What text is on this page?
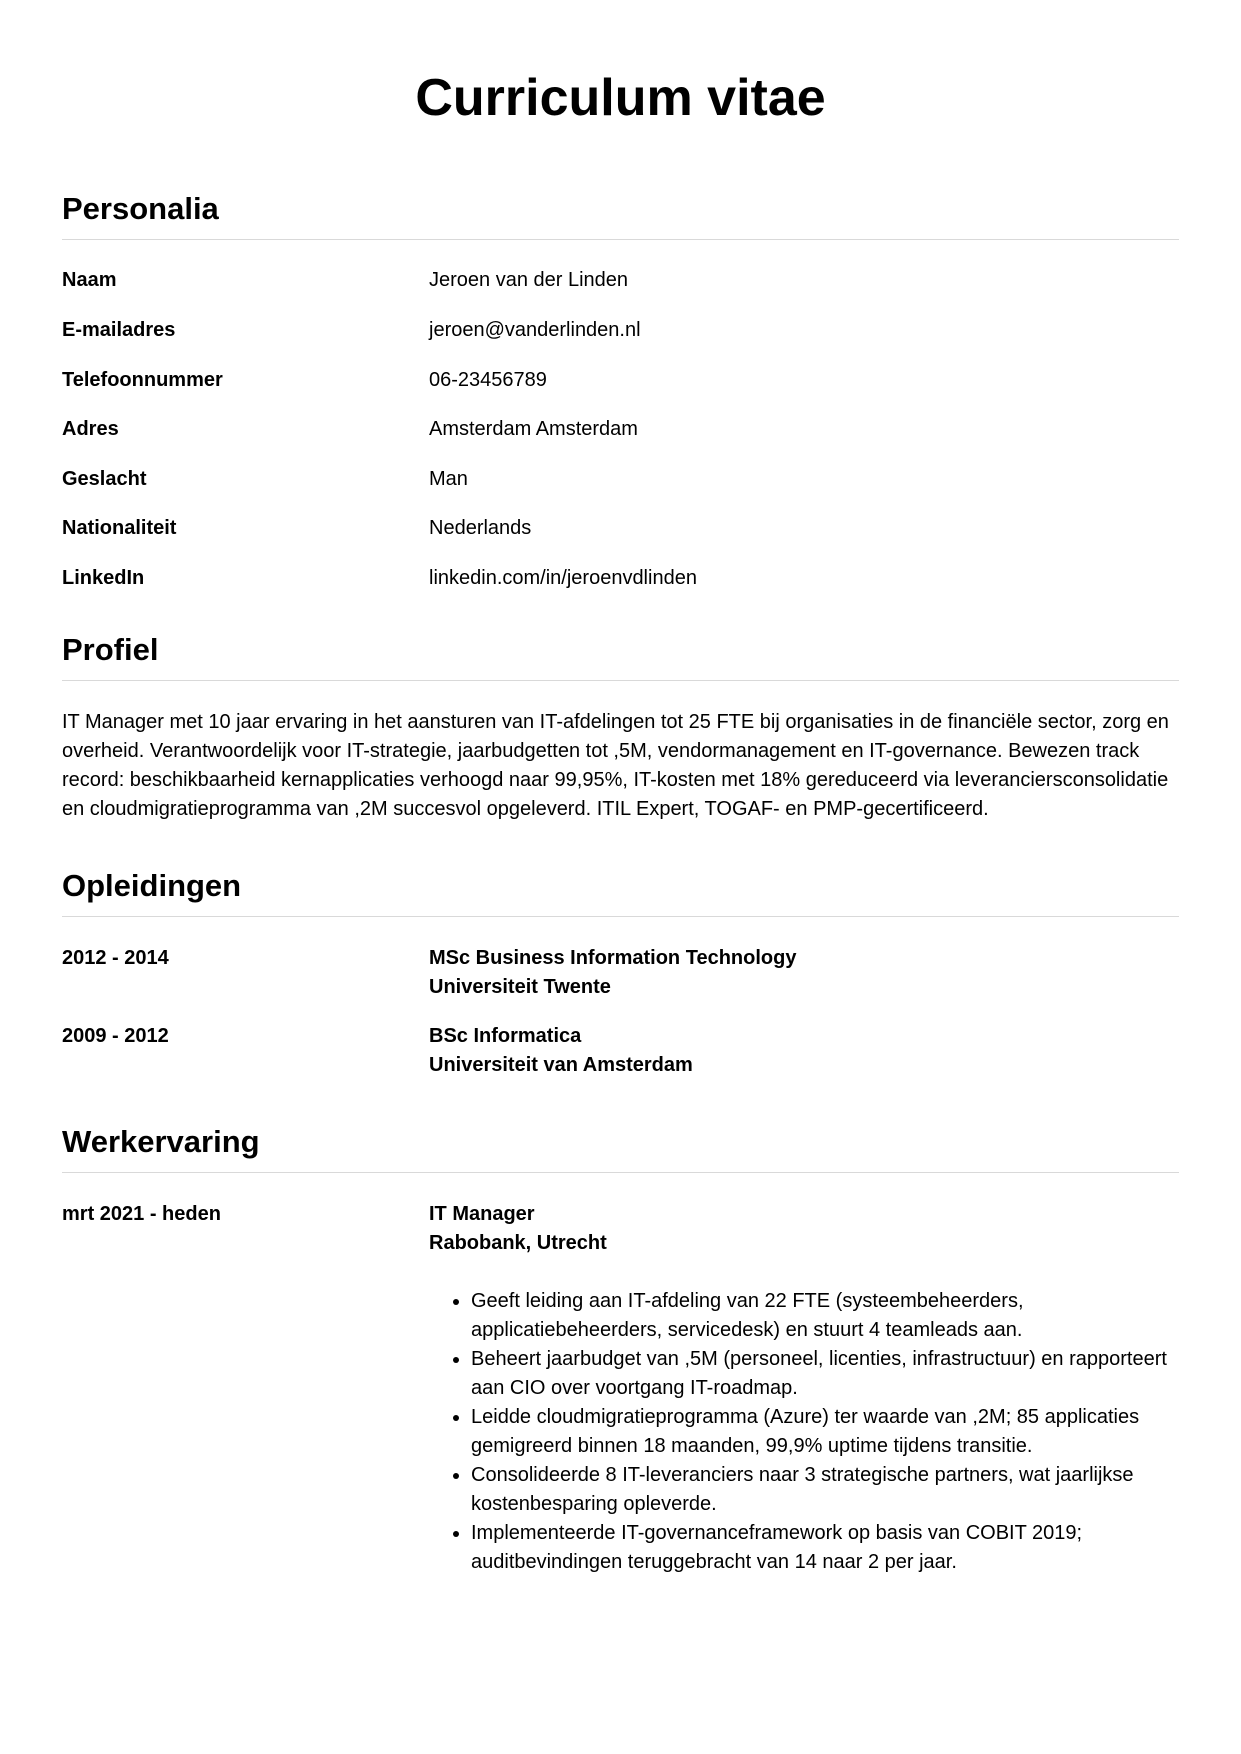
Curriculum vitae
Personalia
Naam	Jeroen van der Linden
E-mailadres	jeroen@vanderlinden.nl
Telefoonnummer	06-23456789
Adres	Amsterdam Amsterdam
Geslacht	Man
Nationaliteit	Nederlands
LinkedIn	linkedin.com/in/jeroenvdlinden
Profiel

IT Manager met 10 jaar ervaring in het aansturen van IT-afdelingen tot 25 FTE bij organisaties in de financiële sector, zorg en overheid. Verantwoordelijk voor IT-strategie, jaarbudgetten tot ,5M, vendormanagement en IT-governance. Bewezen track record: beschikbaarheid kernapplicaties verhoogd naar 99,95%, IT-kosten met 18% gereduceerd via leveranciersconsolidatie en cloudmigratieprogramma van ,2M succesvol opgeleverd. ITIL Expert, TOGAF- en PMP-gecertificeerd.

Opleidingen
2012 - 2014	MSc Business Information Technology
Universiteit Twente
2009 - 2012	BSc Informatica
Universiteit van Amsterdam
Werkervaring
mrt 2021 - heden	IT Manager
Rabobank, Utrecht
• Geeft leiding aan IT-afdeling van 22 FTE (systeembeheerders, applicatiebeheerders, servicedesk) en stuurt 4 teamleads aan.
• Beheert jaarbudget van ,5M (personeel, licenties, infrastructuur) en rapporteert aan CIO over voortgang IT-roadmap.
• Leidde cloudmigratieprogramma (Azure) ter waarde van ,2M; 85 applicaties gemigreerd binnen 18 maanden, 99,9% uptime tijdens transitie.
• Consolideerde 8 IT-leveranciers naar 3 strategische partners, wat jaarlijkse kostenbesparing opleverde.
• Implementeerde IT-governanceframework op basis van COBIT 2019; auditbevindingen teruggebracht van 14 naar 2 per jaar.
